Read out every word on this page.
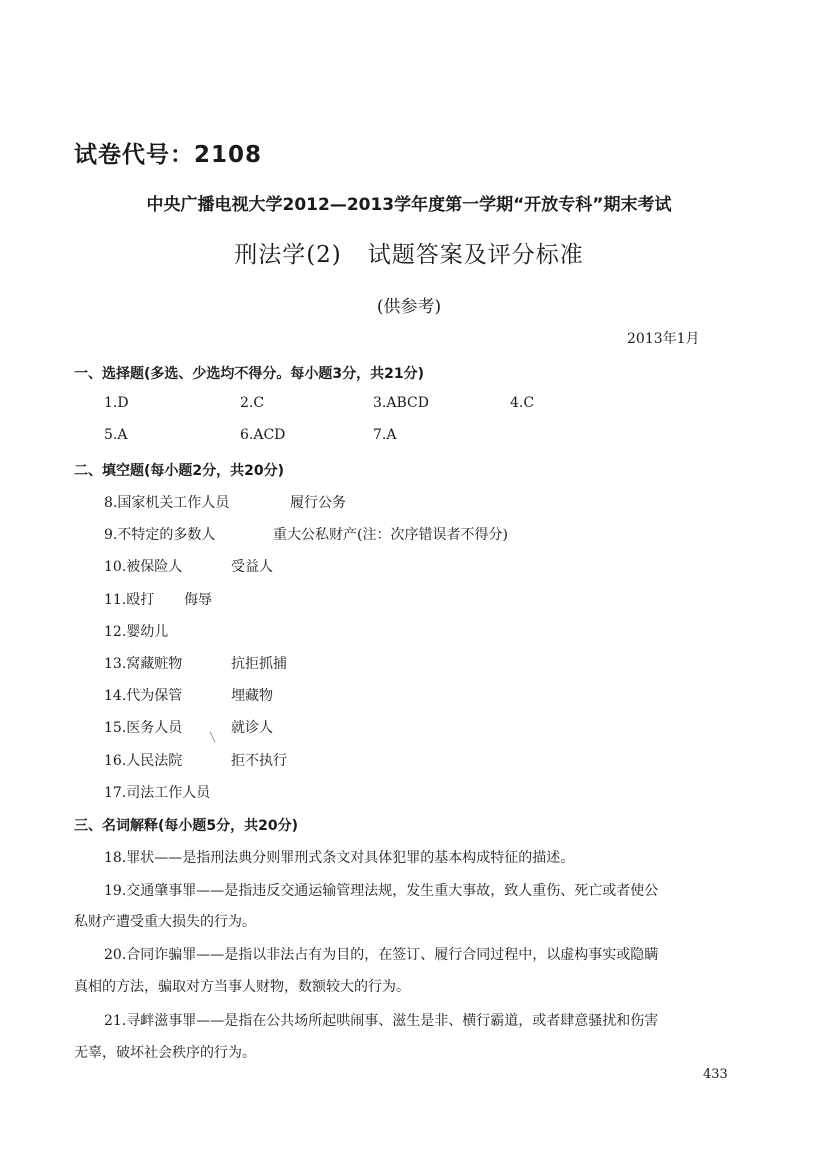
试卷代号：2108
中央广播电视大学2012—2013学年度第一学期“开放专科”期末考试
刑法学(2) 试题答案及评分标准
(供参考)
2013年1月
一、选择题(多选、少选均不得分。每小题3分，共21分)
1.D	2.C	3.ABCD	4.C
5.A	6.ACD	7.A
二、填空题(每小题2分，共20分)
8.国家机关工作人员	履行公务
9.不特定的多数人	重大公私财产(注：次序错误者不得分)
10.被保险人	受益人
11.殴打 侮辱
12.婴幼儿
13.窝藏赃物	抗拒抓捕
14.代为保管	埋藏物
15.医务人员	就诊人
16.人民法院	拒不执行
17.司法工作人员
三、名词解释(每小题5分，共20分)
18.罪状——是指刑法典分则罪刑式条文对具体犯罪的基本构成特征的描述。
19.交通肇事罪——是指违反交通运输管理法规，发生重大事故，致人重伤、死亡或者使公
私财产遭受重大损失的行为。
20.合同诈骗罪——是指以非法占有为目的，在签订、履行合同过程中，以虚构事实或隐瞒
真相的方法，骗取对方当事人财物，数额较大的行为。
21.寻衅滋事罪——是指在公共场所起哄闹事、滋生是非、横行霸道，或者肆意骚扰和伤害
无辜，破坏社会秩序的行为。
433
